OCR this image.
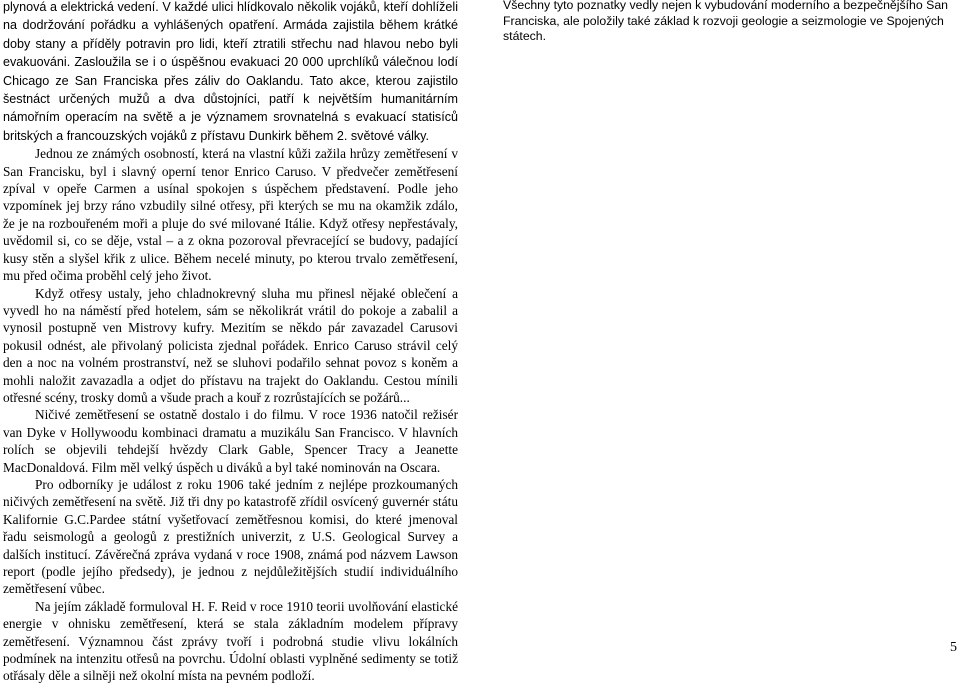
plynová a elektrická vedení. V každé ulici hlídkovalo několik vojáků, kteří dohlíželi na dodržování pořádku a vyhlášených opatření. Armáda zajistila během krátké doby stany a příděly potravin pro lidi, kteří ztratili střechu nad hlavou nebo byli evakuováni. Zasloužila se i o úspěšnou evakuaci 20 000 uprchlíků válečnou lodí Chicago ze San Franciska přes záliv do Oaklandu. Tato akce, kterou zajistilo šestnáct určených mužů a dva důstojníci, patří k největším humanitárním námořním operacím na světě a je významem srovnatelná s evakuací statisíců britských a francouzských vojáků z přístavu Dunkirk během 2. světové války.

Jednou ze známých osobností, která na vlastní kůži zažila hrůzy zemětřesení v San Francisku, byl i slavný operní tenor Enrico Caruso. V předvečer zemětřesení zpíval v opeře Carmen a usínal spokojen s úspěchem představení. Podle jeho vzpomínek jej brzy ráno vzbudily silné otřesy, při kterých se mu na okamžik zdálo, že je na rozbouřeném moři a pluje do své milované Itálie. Když otřesy nepřestávaly, uvědomil si, co se děje, vstal – a z okna pozoroval převracející se budovy, padající kusy stěn a slyšel křik z ulice. Během necelé minuty, po kterou trvalo zemětřesení, mu před očima proběhl celý jeho život.

Když otřesy ustaly, jeho chladnokrevný sluha mu přinesl nějaké oblečení a vyvedl ho na náměstí před hotelem, sám se několikrát vrátil do pokoje a zabalil a vynosil postupně ven Mistrovy kufry. Mezitím se někdo pár zavazadel Carusovi pokusil odnést, ale přivolaný policista zjednal pořádek. Enrico Caruso strávil celý den a noc na volném prostranství, než se sluhovi podařilo sehnat povoz s koněm a mohli naložit zavazadla a odjet do přístavu na trajekt do Oaklandu. Cestou mínili otřesné scény, trosky domů a všude prach a kouř z rozrůstajících se požárů...

Ničivé zemětřesení se ostatně dostalo i do filmu. V roce 1936 natočil režisér van Dyke v Hollywoodu kombinaci dramatu a muzikálu San Francisco. V hlavních rolích se objevili tehdejší hvězdy Clark Gable, Spencer Tracy a Jeanette MacDonaldová. Film měl velký úspěch u diváků a byl také nominován na Oscara.

Pro odborníky je událost z roku 1906 také jedním z nejlépe prozkoumaných ničivých zemětřesení na světě. Již tři dny po katastrofě zřídil osvícený guvernér státu Kalifornie G.C.Pardee státní vyšetřovací zemětřesnou komisi, do které jmenoval řadu seismologů a geologů z prestižních univerzit, z U.S. Geological Survey a dalších institucí. Závěrečná zpráva vydaná v roce 1908, známá pod názvem Lawson report (podle jejího předsedy), je jednou z nejdůležitějších studií individuálního zemětřesení vůbec.

Na jejím základě formuloval H. F. Reid v roce 1910 teorii uvolňování elastické energie v ohnisku zemětřesení, která se stala základním modelem přípravy zemětřesení. Významnou část zprávy tvoří i podrobná studie vlivu lokálních podmínek na intenzitu otřesů na povrchu. Údolní oblasti vyplněné sedimenty se totiž otřásaly děle a silněji než okolní místa na pevném podloží.

Všechny tyto poznatky vedly nejen k vybudování moderního a bezpečnějšího San Franciska, ale položily také základ k rozvoji geologie a seizmologie ve Spojených státech.

5
